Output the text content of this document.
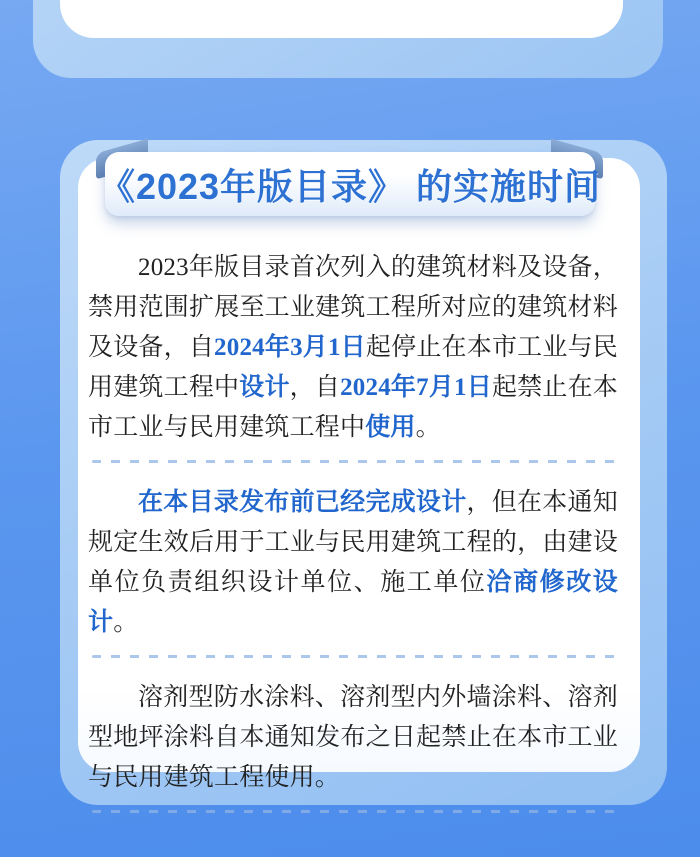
2023年版目录首次列入的建筑材料及设备，禁用范围扩展至工业建筑工程所对应的建筑材料及设备，自2024年3月1日起停止在本市工业与民用建筑工程中设计，自2024年7月1日起禁止在本市工业与民用建筑工程中使用。

在本目录发布前已经完成设计，但在本通知规定生效后用于工业与民用建筑工程的，由建设单位负责组织设计单位、施工单位洽商修改设计。

溶剂型防水涂料、溶剂型内外墙涂料、溶剂型地坪涂料自本通知发布之日起禁止在本市工业与民用建筑工程使用。

《2023年版目录》 的实施时间
